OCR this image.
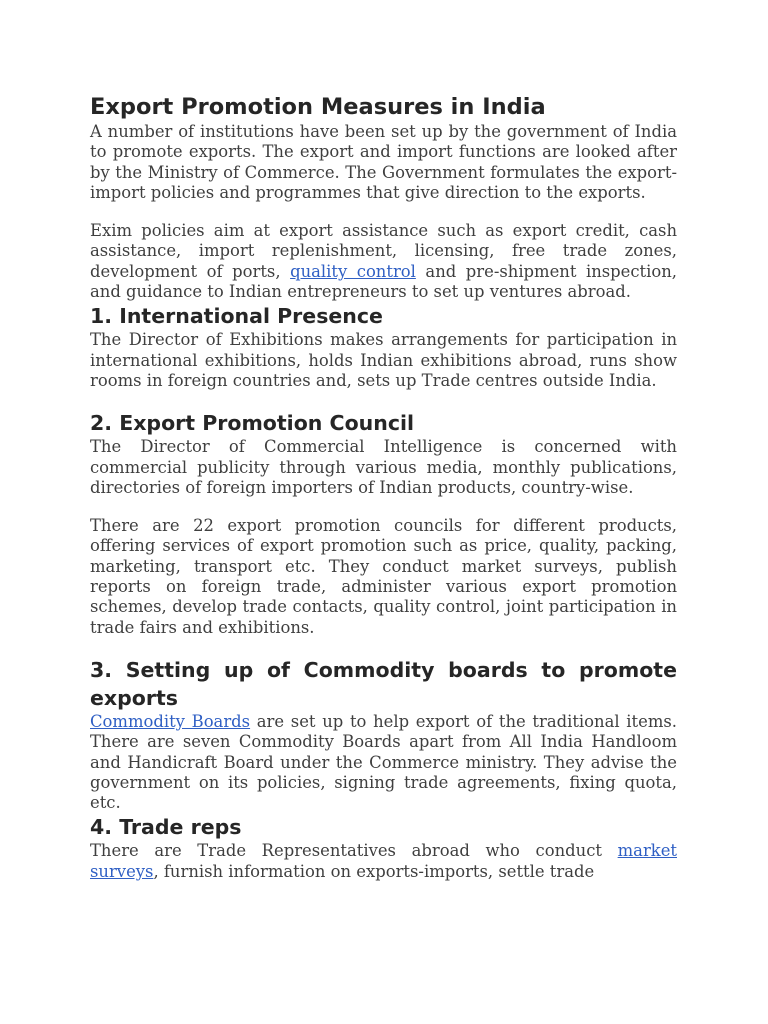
Export Promotion Measures in India

A number of institutions have been set up by the government of India to promote exports. The export and import functions are looked after by the Ministry of Commerce. The Government formulates the export-import policies and programmes that give direction to the exports.

Exim policies aim at export assistance such as export credit, cash assistance, import replenishment, licensing, free trade zones, development of ports, quality control and pre-shipment inspection, and guidance to Indian entrepreneurs to set up ventures abroad.

1. International Presence

The Director of Exhibitions makes arrangements for participation in international exhibitions, holds Indian exhibitions abroad, runs show rooms in foreign countries and, sets up Trade centres outside India.

2. Export Promotion Council

The Director of Commercial Intelligence is concerned with commercial publicity through various media, monthly publications, directories of foreign importers of Indian products, country-wise.

There are 22 export promotion councils for different products, offering services of export promotion such as price, quality, packing, marketing, transport etc. They conduct market surveys, publish reports on foreign trade, administer various export promotion schemes, develop trade contacts, quality control, joint participation in trade fairs and exhibitions.

3. Setting up of Commodity boards to promote exports

Commodity Boards are set up to help export of the traditional items. There are seven Commodity Boards apart from All India Handloom and Handicraft Board under the Commerce ministry. They advise the government on its policies, signing trade agreements, fixing quota, etc.

4. Trade reps

There are Trade Representatives abroad who conduct market surveys, furnish information on exports-imports, settle trade
